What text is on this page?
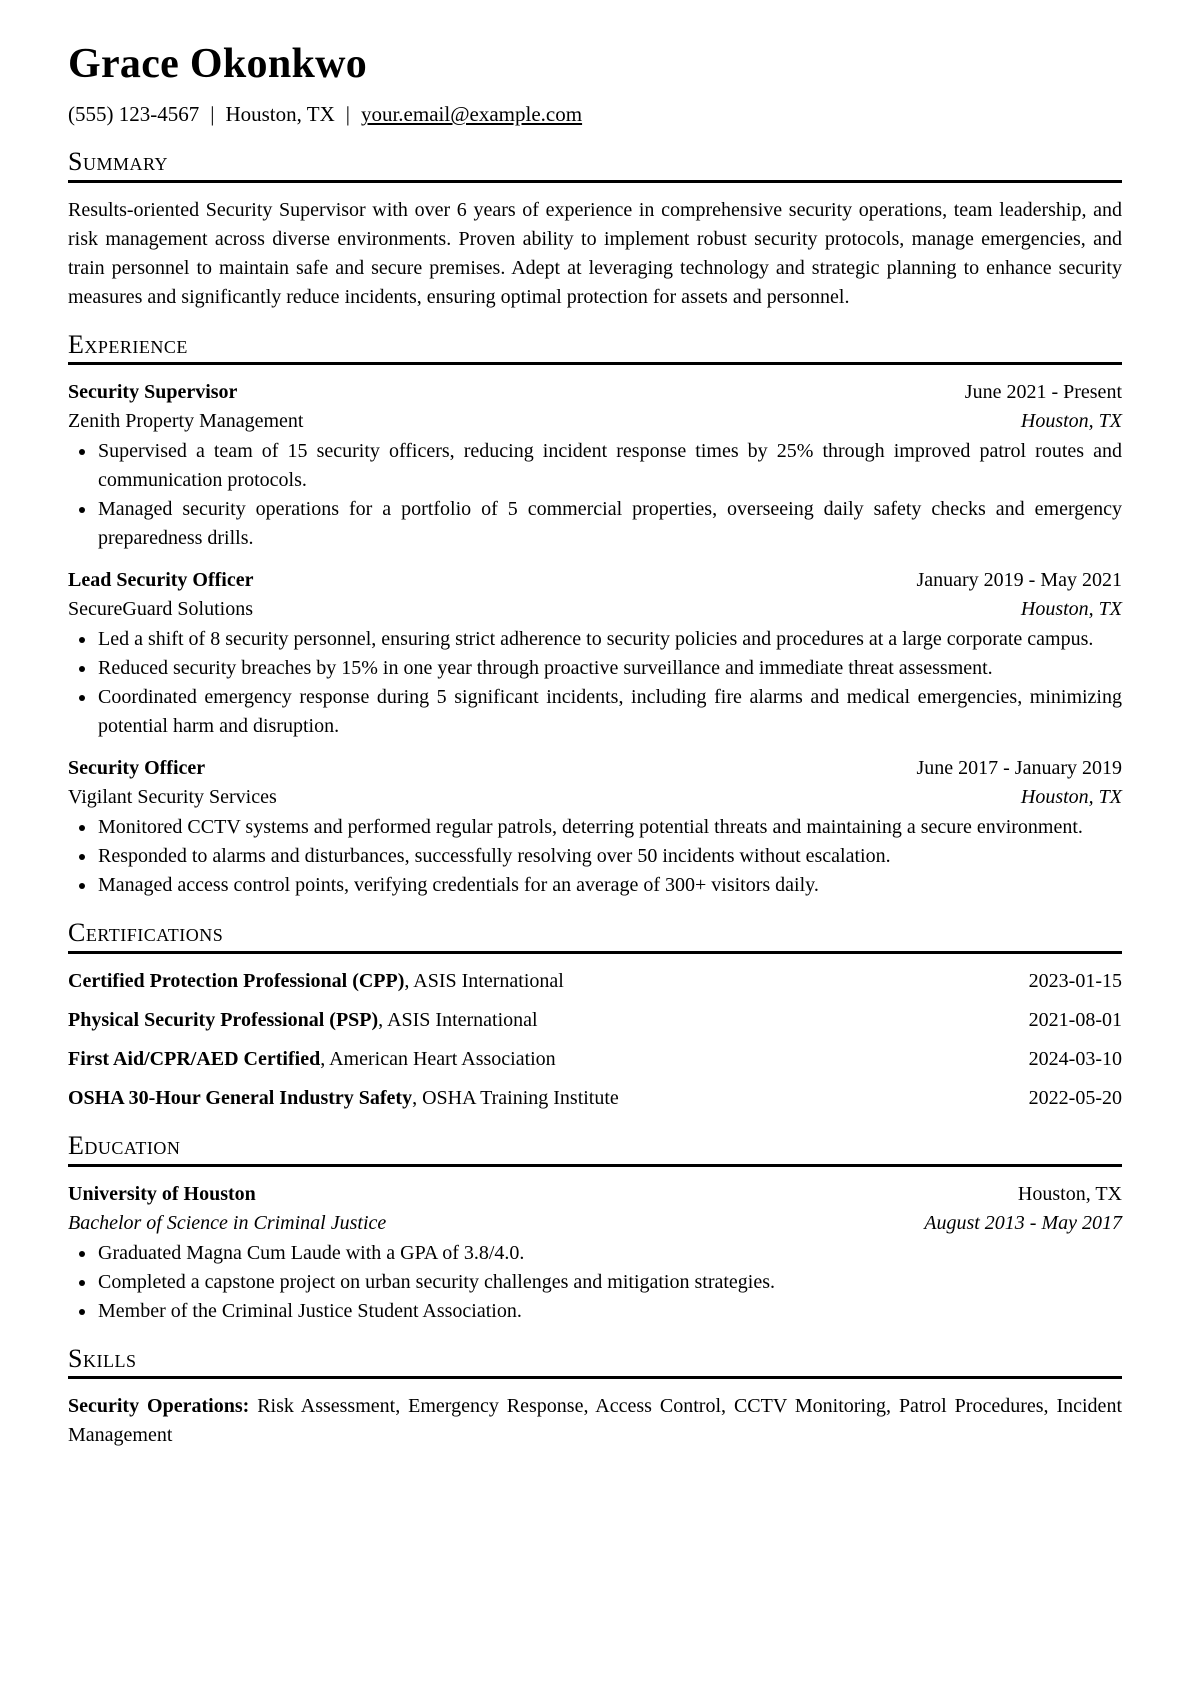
Grace Okonkwo
(555) 123-4567 | Houston, TX | your.email@example.com
Summary

Results-oriented Security Supervisor with over 6 years of experience in comprehensive security operations, team leadership, and risk management across diverse environments. Proven ability to implement robust security protocols, manage emergencies, and train personnel to maintain safe and secure premises. Adept at leveraging technology and strategic planning to enhance security measures and significantly reduce incidents, ensuring optimal protection for assets and personnel.

Experience
Security Supervisor	June 2021 - Present
Zenith Property Management	Houston, TX
• Supervised a team of 15 security officers, reducing incident response times by 25% through improved patrol routes and communication protocols.
• Managed security operations for a portfolio of 5 commercial properties, overseeing daily safety checks and emergency preparedness drills.
Lead Security Officer	January 2019 - May 2021
SecureGuard Solutions	Houston, TX
• Led a shift of 8 security personnel, ensuring strict adherence to security policies and procedures at a large corporate campus.
• Reduced security breaches by 15% in one year through proactive surveillance and immediate threat assessment.
• Coordinated emergency response during 5 significant incidents, including fire alarms and medical emergencies, minimizing potential harm and disruption.
Security Officer	June 2017 - January 2019
Vigilant Security Services	Houston, TX
• Monitored CCTV systems and performed regular patrols, deterring potential threats and maintaining a secure environment.
• Responded to alarms and disturbances, successfully resolving over 50 incidents without escalation.
• Managed access control points, verifying credentials for an average of 300+ visitors daily.
Certifications
Certified Protection Professional (CPP), ASIS International	2023-01-15
Physical Security Professional (PSP), ASIS International	2021-08-01
First Aid/CPR/AED Certified, American Heart Association	2024-03-10
OSHA 30-Hour General Industry Safety, OSHA Training Institute	2022-05-20
Education
University of Houston	Houston, TX
Bachelor of Science in Criminal Justice	August 2013 - May 2017
• Graduated Magna Cum Laude with a GPA of 3.8/4.0.
• Completed a capstone project on urban security challenges and mitigation strategies.
• Member of the Criminal Justice Student Association.
Skills

Security Operations: Risk Assessment, Emergency Response, Access Control, CCTV Monitoring, Patrol Procedures, Incident Management
